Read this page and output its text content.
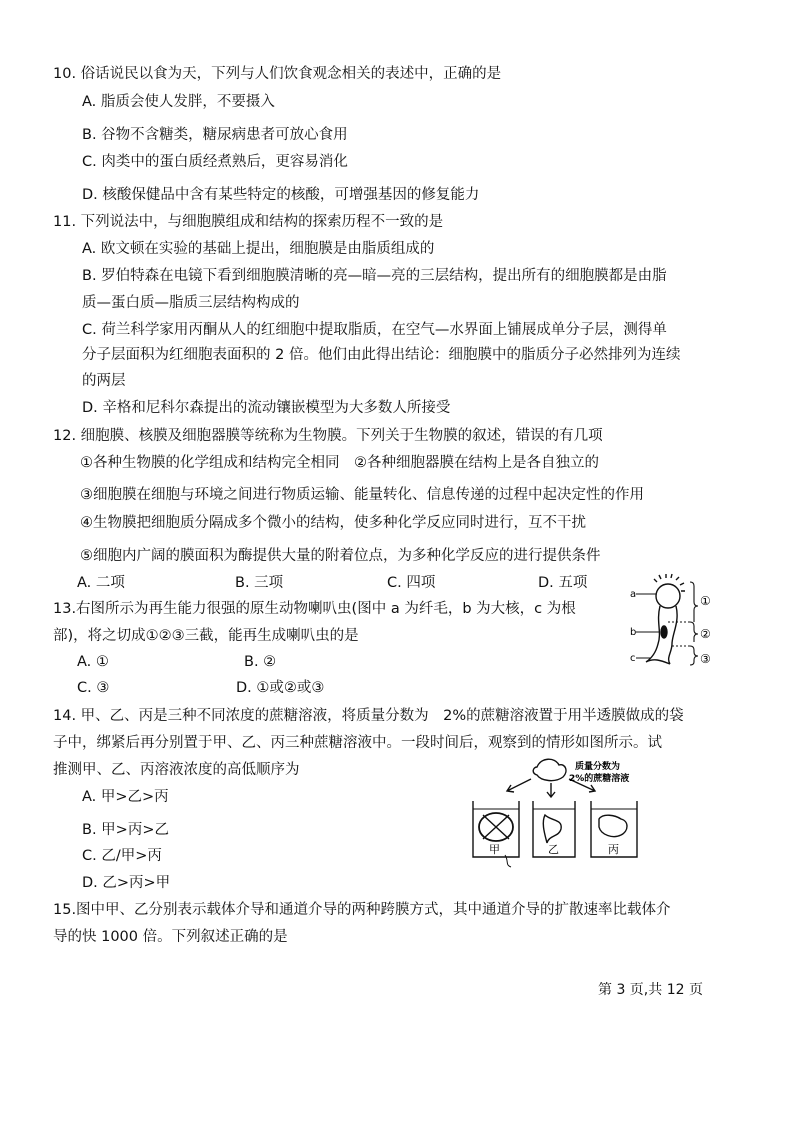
10. 俗话说民以食为天，下列与人们饮食观念相关的表述中，正确的是
A. 脂质会使人发胖，不要摄入
B. 谷物不含糖类，糖尿病患者可放心食用
C. 肉类中的蛋白质经煮熟后，更容易消化
D. 核酸保健品中含有某些特定的核酸，可增强基因的修复能力
11. 下列说法中，与细胞膜组成和结构的探索历程不一致的是
A. 欧文顿在实验的基础上提出，细胞膜是由脂质组成的
B. 罗伯特森在电镜下看到细胞膜清晰的亮—暗—亮的三层结构，提出所有的细胞膜都是由脂
质—蛋白质—脂质三层结构构成的
C. 荷兰科学家用丙酮从人的红细胞中提取脂质，在空气—水界面上铺展成单分子层，测得单
分子层面积为红细胞表面积的 2 倍。他们由此得出结论：细胞膜中的脂质分子必然排列为连续
的两层
D. 辛格和尼科尔森提出的流动镶嵌模型为大多数人所接受
12. 细胞膜、核膜及细胞器膜等统称为生物膜。下列关于生物膜的叙述，错误的有几项
①各种生物膜的化学组成和结构完全相同　②各种细胞器膜在结构上是各自独立的
③细胞膜在细胞与环境之间进行物质运输、能量转化、信息传递的过程中起决定性的作用
④生物膜把细胞质分隔成多个微小的结构，使多种化学反应同时进行，互不干扰
⑤细胞内广阔的膜面积为酶提供大量的附着位点，为多种化学反应的进行提供条件
A. 二项	B. 三项	C. 四项	D. 五项
13.右图所示为再生能力很强的原生动物喇叭虫(图中 a 为纤毛，b 为大核，c 为根
部)，将之切成①②③三截，能再生成喇叭虫的是
A. ①	B. ②
C. ③	D. ①或②或③
a
b
c
①
②
③
14. 甲、乙、丙是三种不同浓度的蔗糖溶液，将质量分数为　2%的蔗糖溶液置于用半透膜做成的袋
子中，绑紧后再分别置于甲、乙、丙三种蔗糖溶液中。一段时间后，观察到的情形如图所示。试
推测甲、乙、丙溶液浓度的高低顺序为
A. 甲>乙>丙
B. 甲>丙>乙
C. 乙/甲>丙
D. 乙>丙>甲
质量分数为
2%的蔗糖溶液
甲	乙	丙
15.图中甲、乙分别表示载体介导和通道介导的两种跨膜方式，其中通道介导的扩散速率比载体介
导的快 1000 倍。下列叙述正确的是
第 3 页,共 12 页
